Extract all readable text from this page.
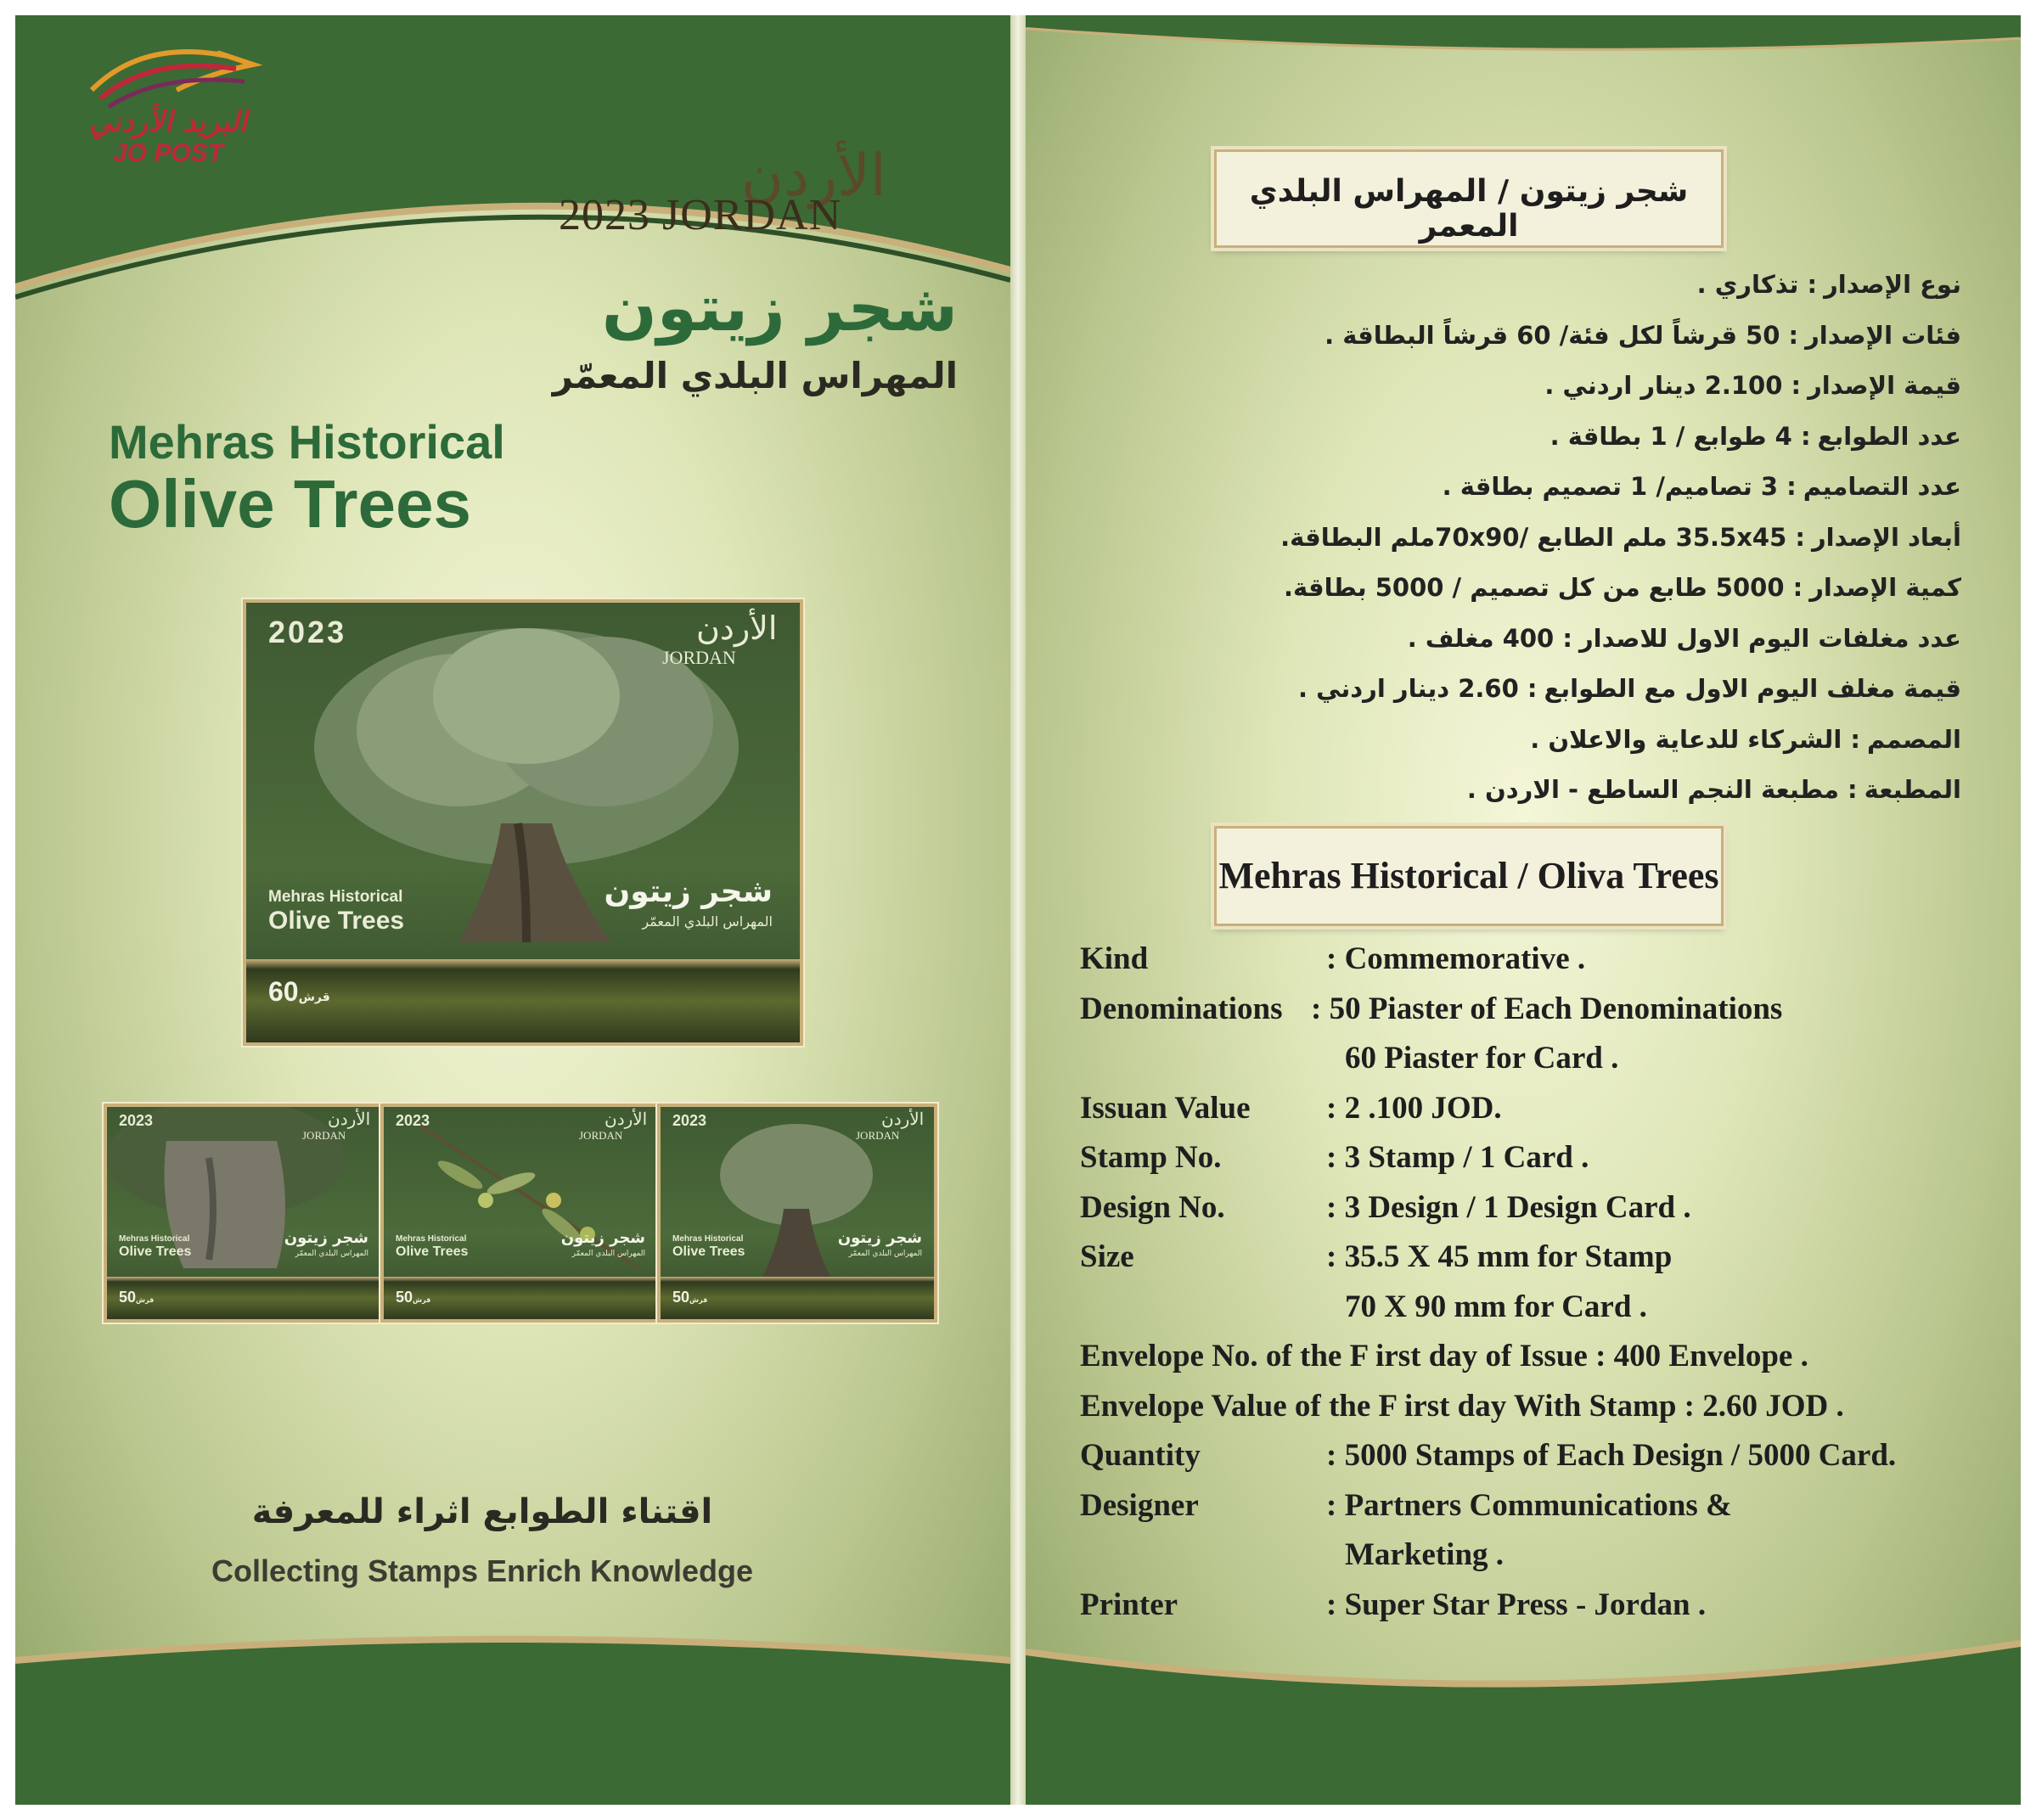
البريد الأردني
JO POST	الأردن
2023 JORDAN
شجر زيتون
المهراس البلدي المعمّر
Mehras Historical
Olive Trees
2023	الأردن
JORDAN
Mehras Historical
Olive Trees
شجر زيتون
المهراس البلدي المعمّر
60قرش
2023	الأردن
JORDAN
Mehras Historical
Olive Trees
شجر زيتون
المهراس البلدي المعمّر
50قرش
2023	الأردن
JORDAN
Mehras Historical
Olive Trees
شجر زيتون
المهراس البلدي المعمّر
50قرش
2023	الأردن
JORDAN
Mehras Historical
Olive Trees
شجر زيتون
المهراس البلدي المعمّر
50قرش
اقتناء الطوابع اثراء للمعرفة
Collecting Stamps Enrich Knowledge
شجر زيتون / المهراس البلدي المعمر
نوع الإصدار: تذكاري .
فئات الإصدار: 50 قرشاً لكل فئة/ 60 قرشاً البطاقة .
قيمة الإصدار: 2.100 دينار اردني .
عدد الطوابع: 4 طوابع / 1 بطاقة .
عدد التصاميم: 3 تصاميم/ 1 تصميم بطاقة .
أبعاد الإصدار: 35.5x45 ملم الطابع /70x90ملم البطاقة.
كمية الإصدار: 5000 طابع من كل تصميم / 5000 بطاقة.
عدد مغلفات اليوم الاول للاصدار: 400 مغلف .
قيمة مغلف اليوم الاول مع الطوابع: 2.60 دينار اردني .
المصمم: الشركاء للدعاية والاعلان .
المطبعة: مطبعة النجم الساطع - الاردن .
Mehras Historical / Oliva Trees
Kind	: Commemorative .
Denominations : 50 Piaster of Each Denominations
60 Piaster for Card .
Issuan Value : 2 .100 JOD.
Stamp No.	: 3 Stamp / 1 Card .
Design No.	: 3 Design / 1 Design Card .
Size	: 35.5 X 45 mm for Stamp
70 X 90 mm for Card .
Envelope No. of the F irst day of Issue : 400 Envelope .
Envelope Value of the F irst day With Stamp : 2.60 JOD .
Quantity	: 5000 Stamps of Each Design / 5000 Card.
Designer	: Partners Communications &
Marketing .
Printer	: Super Star Press - Jordan .
